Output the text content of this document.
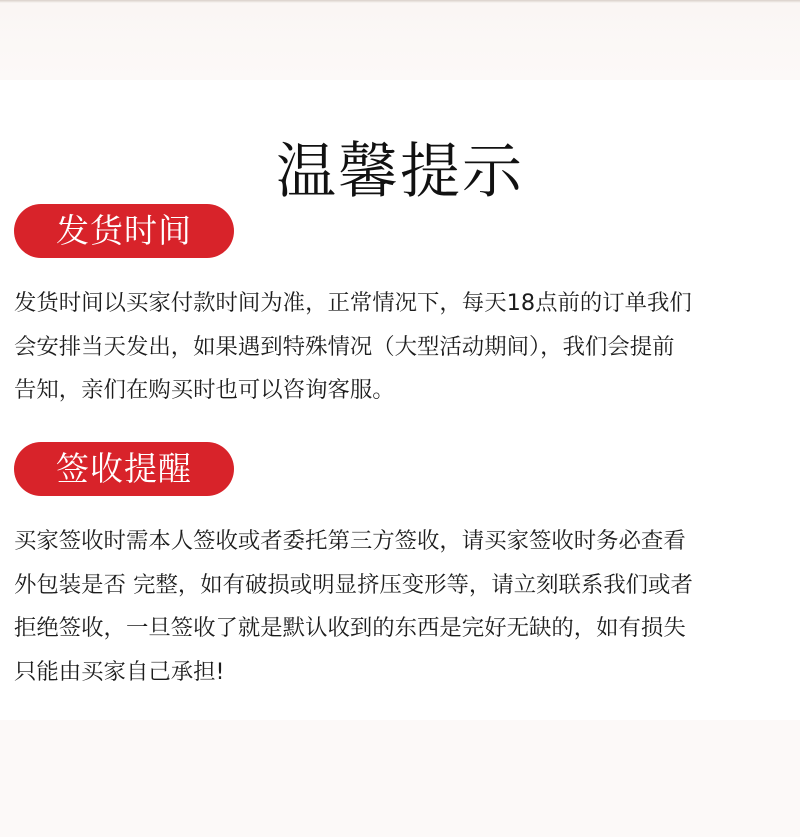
温馨提示
发货时间
发货时间以买家付款时间为准，正常情况下，每天18点前的订单我们
会安排当天发出，如果遇到特殊情况（大型活动期间），我们会提前
告知，亲们在购买时也可以咨询客服。
签收提醒
买家签收时需本人签收或者委托第三方签收，请买家签收时务必查看
外包装是否 完整，如有破损或明显挤压变形等，请立刻联系我们或者
拒绝签收，一旦签收了就是默认收到的东西是完好无缺的，如有损失
只能由买家自己承担!
